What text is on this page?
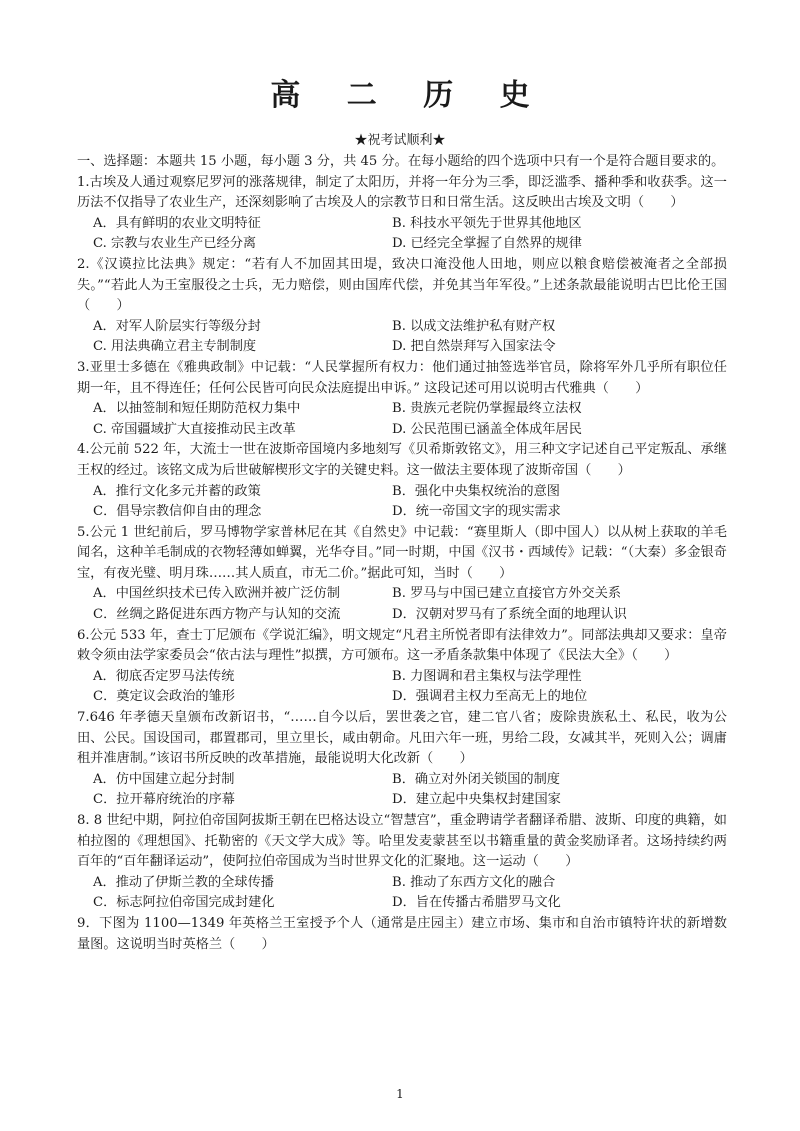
高 二 历 史
★祝考试顺利★

一、选择题：本题共 15 小题，每小题 3 分，共 45 分。在每小题给的四个选项中只有一个是符合题目要求的。

1.古埃及人通过观察尼罗河的涨落规律，制定了太阳历，并将一年分为三季，即泛滥季、播种季和收获季。这一历法不仅指导了农业生产，还深刻影响了古埃及人的宗教节日和日常生活。这反映出古埃及文明（　　）

A．具有鲜明的农业文明特征	B. 科技水平领先于世界其他地区
C. 宗教与农业生产已经分离	D. 已经完全掌握了自然界的规律

2.《汉谟拉比法典》规定：“若有人不加固其田堤，致决口淹没他人田地，则应以粮食赔偿被淹者之全部损失。”“若此人为王室服役之士兵，无力赔偿，则由国库代偿，并免其当年军役。”上述条款最能说明古巴比伦王国（　　）

A．对军人阶层实行等级分封	B. 以成文法维护私有财产权
C. 用法典确立君主专制制度	D. 把自然崇拜写入国家法令

3.亚里士多德在《雅典政制》中记载：“人民掌握所有权力：他们通过抽签选举官员，除将军外几乎所有职位任期一年，且不得连任；任何公民皆可向民众法庭提出申诉。” 这段记述可用以说明古代雅典（　　）

A．以抽签制和短任期防范权力集中	B. 贵族元老院仍掌握最终立法权
C. 帝国疆域扩大直接推动民主改革	D. 公民范围已涵盖全体成年居民

4.公元前 522 年，大流士一世在波斯帝国境内多地刻写《贝希斯敦铭文》，用三种文字记述自己平定叛乱、承继王权的经过。该铭文成为后世破解楔形文字的关键史料。这一做法主要体现了波斯帝国（　　）

A．推行文化多元并蓄的政策	B．强化中央集权统治的意图
C．倡导宗教信仰自由的理念	D．统一帝国文字的现实需求

5.公元 1 世纪前后，罗马博物学家普林尼在其《自然史》中记载：“赛里斯人（即中国人）以从树上获取的羊毛闻名，这种羊毛制成的衣物轻薄如蝉翼，光华夺目。”同一时期，中国《汉书・西域传》记载：“（大秦）多金银奇宝，有夜光璧、明月珠……其人质直，市无二价。”据此可知，当时（　　）

A．中国丝织技术已传入欧洲并被广泛仿制	B. 罗马与中国已建立直接官方外交关系
C．丝绸之路促进东西方物产与认知的交流	D．汉朝对罗马有了系统全面的地理认识

6.公元 533 年，查士丁尼颁布《学说汇编》，明文规定“凡君主所悦者即有法律效力”。同部法典却又要求：皇帝敕令须由法学家委员会“依古法与理性”拟撰，方可颁布。这一矛盾条款集中体现了《民法大全》（　　）

A．彻底否定罗马法传统	B. 力图调和君主集权与法学理性
C．奠定议会政治的雏形	D．强调君主权力至高无上的地位

7.646 年孝德天皇颁布改新诏书，“……自今以后，罢世袭之官，建二官八省；废除贵族私土、私民，收为公田、公民。国设国司，郡置郡司，里立里长，咸由朝命。凡田六年一班，男给二段，女减其半，死则入公；调庸租并准唐制。”该诏书所反映的改革措施，最能说明大化改新（　　）

A．仿中国建立起分封制	B．确立对外闭关锁国的制度
C．拉开幕府统治的序幕	D．建立起中央集权封建国家

8. 8 世纪中期，阿拉伯帝国阿拔斯王朝在巴格达设立“智慧宫”，重金聘请学者翻译希腊、波斯、印度的典籍，如柏拉图的《理想国》、托勒密的《天文学大成》等。哈里发麦蒙甚至以书籍重量的黄金奖励译者。这场持续约两百年的“百年翻译运动”，使阿拉伯帝国成为当时世界文化的汇聚地。这一运动（　　）

A．推动了伊斯兰教的全球传播	B. 推动了东西方文化的融合
C．标志阿拉伯帝国完成封建化	D．旨在传播古希腊罗马文化

9．下图为 1100—1349 年英格兰王室授予个人（通常是庄园主）建立市场、集市和自治市镇特许状的新增数量图。这说明当时英格兰（　　）

1
